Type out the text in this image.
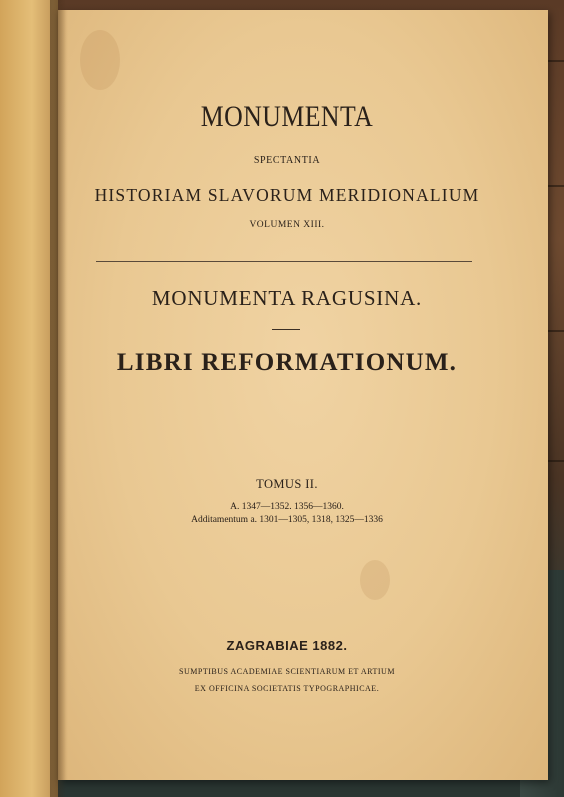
MONUMENTA
SPECTANTIA
HISTORIAM SLAVORUM MERIDIONALIUM
VOLUMEN XIII.
MONUMENTA RAGUSINA.
LIBRI REFORMATIONUM.
TOMUS II.
A. 1347—1352. 1356—1360.
Additamentum a. 1301—1305, 1318, 1325—1336
ZAGRABIAE 1882.
SUMPTIBUS ACADEMIAE SCIENTIARUM ET ARTIUM
EX OFFICINA SOCIETATIS TYPOGRAPHICAE.
